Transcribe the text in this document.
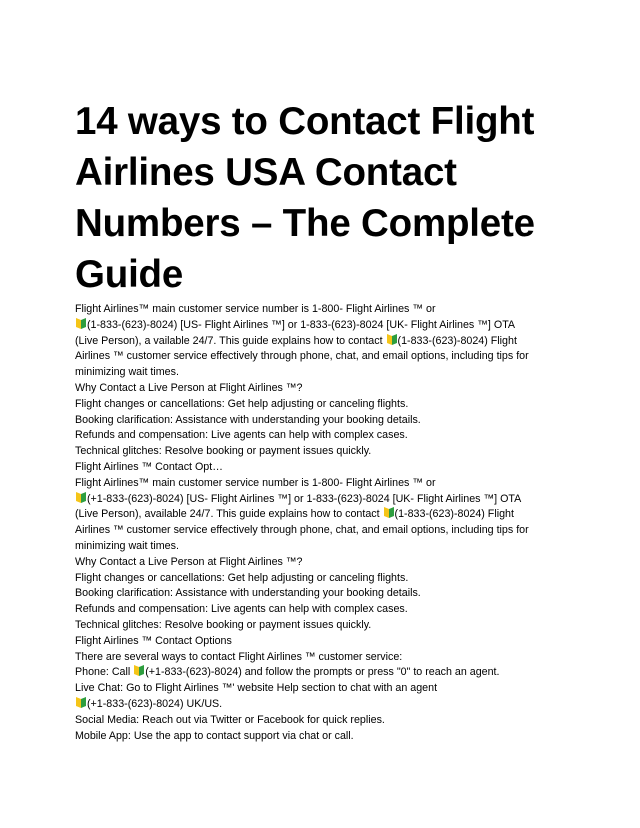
14 ways to Contact Flight Airlines USA Contact Numbers – The Complete Guide
Flight Airlines™ main customer service number is 1-800- Flight Airlines ™ or
(1-833-(623)-8024) [US- Flight Airlines ™] or 1-833-(623)-8024 [UK- Flight Airlines ™] OTA
(Live Person), a vailable 24/7. This guide explains how to contact
(1-833-(623)-8024) Flight
Airlines ™ customer service effectively through phone, chat, and email options, including tips for
minimizing wait times.
Why Contact a Live Person at Flight Airlines ™?
Flight changes or cancellations: Get help adjusting or canceling flights.
Booking clarification: Assistance with understanding your booking details.
Refunds and compensation: Live agents can help with complex cases.
Technical glitches: Resolve booking or payment issues quickly.
Flight Airlines ™ Contact Opt…
Flight Airlines™ main customer service number is 1-800- Flight Airlines ™ or
(+1-833-(623)-8024) [US- Flight Airlines ™] or 1-833-(623)-8024 [UK- Flight Airlines ™] OTA
(Live Person), available 24/7. This guide explains how to contact
(1-833-(623)-8024) Flight
Airlines ™ customer service effectively through phone, chat, and email options, including tips for
minimizing wait times.
Why Contact a Live Person at Flight Airlines ™?
Flight changes or cancellations: Get help adjusting or canceling flights.
Booking clarification: Assistance with understanding your booking details.
Refunds and compensation: Live agents can help with complex cases.
Technical glitches: Resolve booking or payment issues quickly.
Flight Airlines ™ Contact Options
There are several ways to contact Flight Airlines ™ customer service:
Phone: Call
(+1-833-(623)-8024) and follow the prompts or press "0" to reach an agent.
Live Chat: Go to Flight Airlines ™' website Help section to chat with an agent
(+1-833-(623)-8024) UK/US.
Social Media: Reach out via Twitter or Facebook for quick replies.
Mobile App: Use the app to contact support via chat or call.
